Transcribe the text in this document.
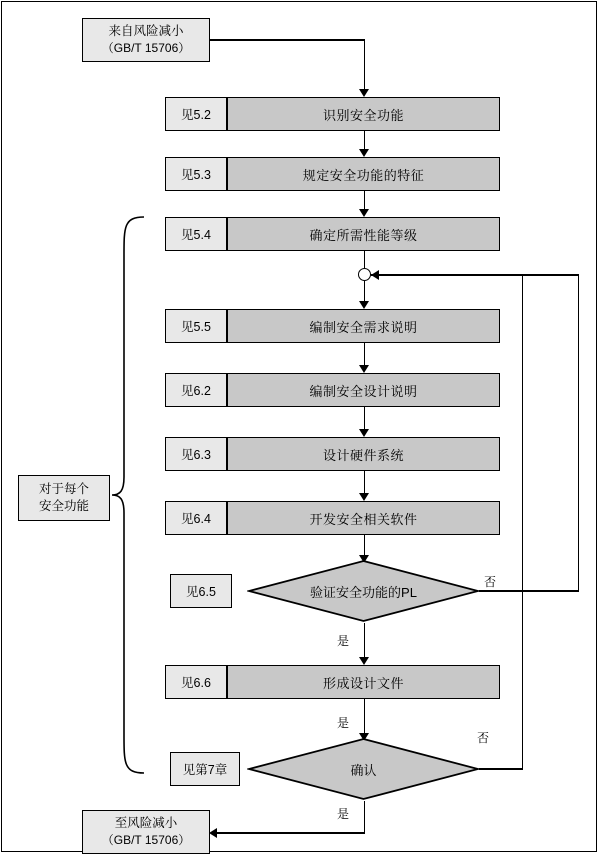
来自风险减小
（GB/T 15706）
见5.2	识别安全功能
见5.3	规定安全功能的特征
见5.4	确定所需性能等级
见5.5	编制安全需求说明
见6.2	编制安全设计说明
见6.3	设计硬件系统
见6.4	开发安全相关软件
见6.5	验证安全功能的PL
否
是
见6.6	形成设计文件
是
见第7章	确认
否
是
至风险减小
（GB/T 15706）
对于每个
安全功能
